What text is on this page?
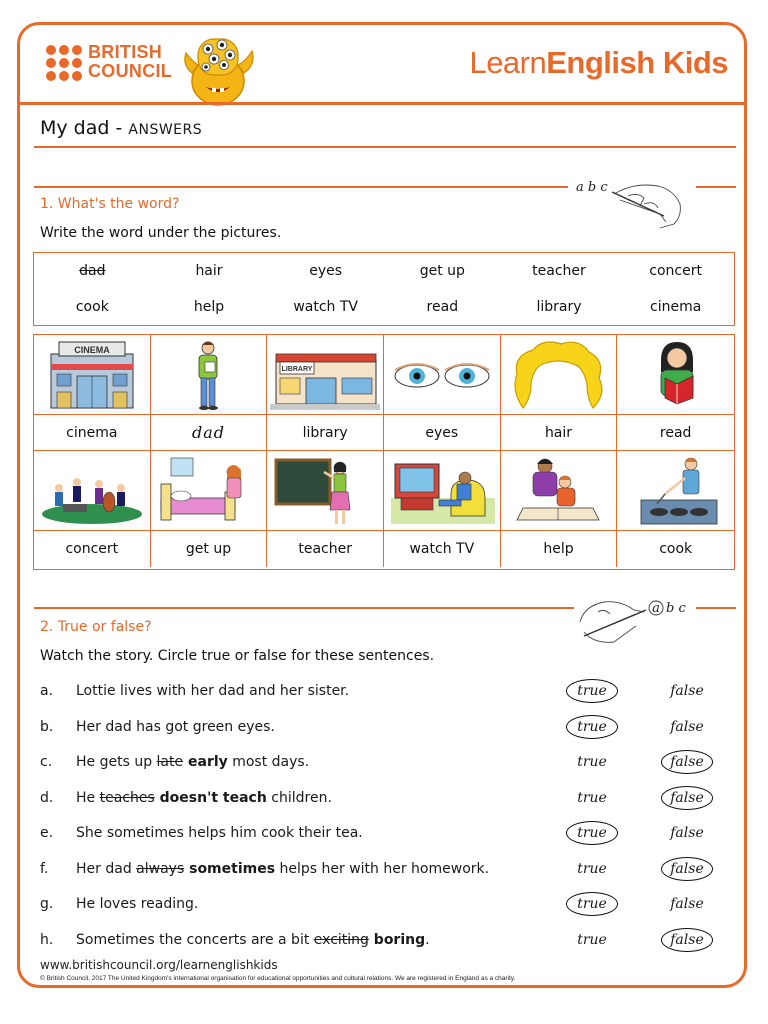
BRITISH
COUNCIL	LearnEnglish Kids
My dad - ANSWERS
a b c
1. What's the word?
Write the word under the pictures.
dad	hair	eyes	get up	teacher	concert
cook	help	watch TV	read	library	cinema
CINEMA
LIBRARY
cinema	dad	library	eyes	hair	read
concert	get up	teacher	watch TV	help	cook
a b c
2. True or false?
Watch the story. Circle true or false for these sentences.
a. Lottie lives with her dad and her sister.	true	false
b. Her dad has got green eyes.	true	false
c. He gets up late early most days.	true	false
d. He teaches doesn't teach children.	true	false
e. She sometimes helps him cook their tea.	true	false
f. Her dad always sometimes helps her with her homework.	true	false
g. He loves reading.	true	false
h. Sometimes the concerts are a bit exciting boring.	true	false
www.britishcouncil.org/learnenglishkids
© British Council, 2017 The United Kingdom's international organisation for educational opportunities and cultural relations. We are registered in England as a charity.
